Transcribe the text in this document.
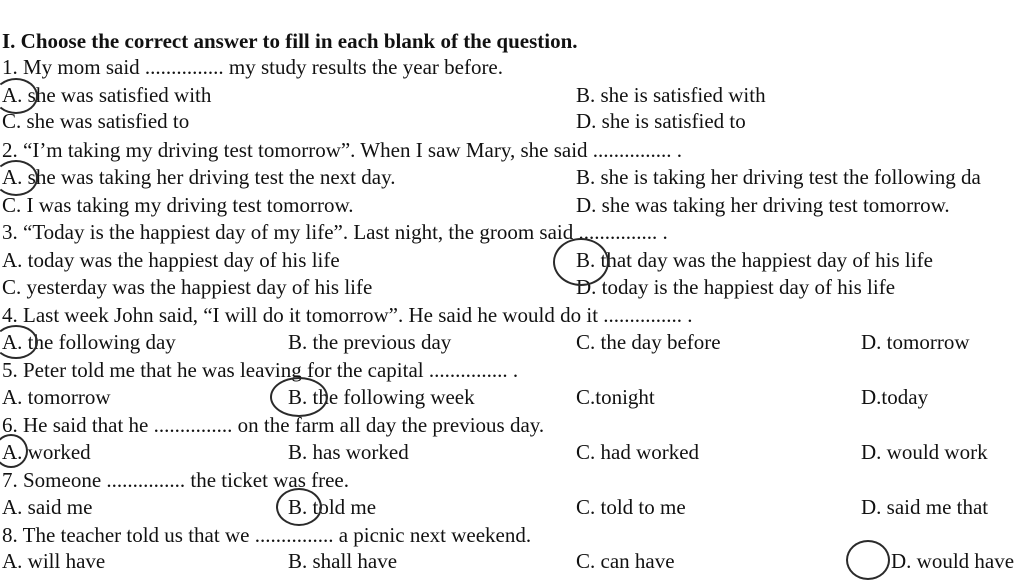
I. Choose the correct answer to fill in each blank of the question.
1. My mom said ............... my study results the year before.
A. she was satisfied with	B. she is satisfied with
C. she was satisfied to	D. she is satisfied to
2. “I’m taking my driving test tomorrow”. When I saw Mary, she said ............... .
A. she was taking her driving test the next day.	B. she is taking her driving test the following da
C. I was taking my driving test tomorrow.	D. she was taking her driving test tomorrow.
3. “Today is the happiest day of my life”. Last night, the groom said ............... .
A. today was the happiest day of his life	B. that day was the happiest day of his life
C. yesterday was the happiest day of his life	D. today is the happiest day of his life
4. Last week John said, “I will do it tomorrow”. He said he would do it ............... .
A. the following day	B. the previous day	C. the day before	D. tomorrow
5. Peter told me that he was leaving for the capital ............... .
A. tomorrow	B. the following week	C.tonight	D.today
6. He said that he ............... on the farm all day the previous day.
A. worked	B. has worked	C. had worked	D. would work
7. Someone ............... the ticket was free.
A. said me	B. told me	C. told to me	D. said me that
8. The teacher told us that we ............... a picnic next weekend.
A. will have	B. shall have	C. can have	D. would have
